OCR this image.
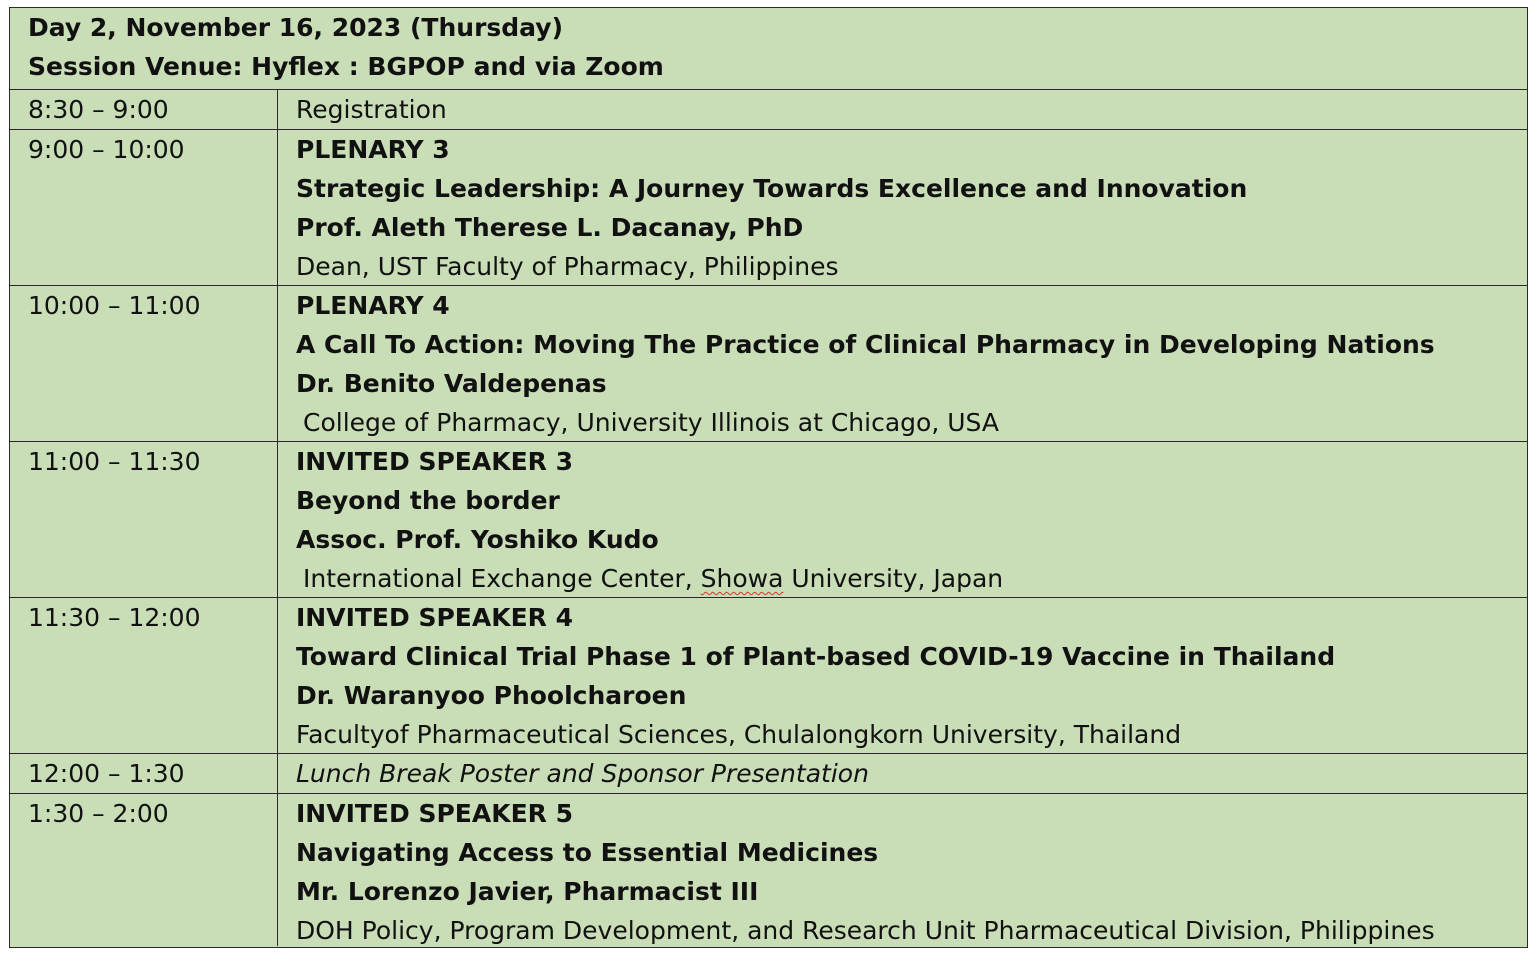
Day 2, November 16, 2023 (Thursday)
Session Venue: Hyflex : BGPOP and via Zoom
8:30 – 9:00	Registration
9:00 – 10:00	PLENARY 3
Strategic Leadership: A Journey Towards Excellence and Innovation
Prof. Aleth Therese L. Dacanay, PhD
Dean, UST Faculty of Pharmacy, Philippines
10:00 – 11:00	PLENARY 4
A Call To Action: Moving The Practice of Clinical Pharmacy in Developing Nations
Dr. Benito Valdepenas
College of Pharmacy, University Illinois at Chicago, USA
11:00 – 11:30	INVITED SPEAKER 3
Beyond the border
Assoc. Prof. Yoshiko Kudo
International Exchange Center, Showa University, Japan
11:30 – 12:00	INVITED SPEAKER 4
Toward Clinical Trial Phase 1 of Plant-based COVID-19 Vaccine in Thailand
Dr. Waranyoo Phoolcharoen
Facultyof Pharmaceutical Sciences, Chulalongkorn University, Thailand
12:00 – 1:30	Lunch Break Poster and Sponsor Presentation
1:30 – 2:00	INVITED SPEAKER 5
Navigating Access to Essential Medicines
Mr. Lorenzo Javier, Pharmacist III
DOH Policy, Program Development, and Research Unit Pharmaceutical Division, Philippines
